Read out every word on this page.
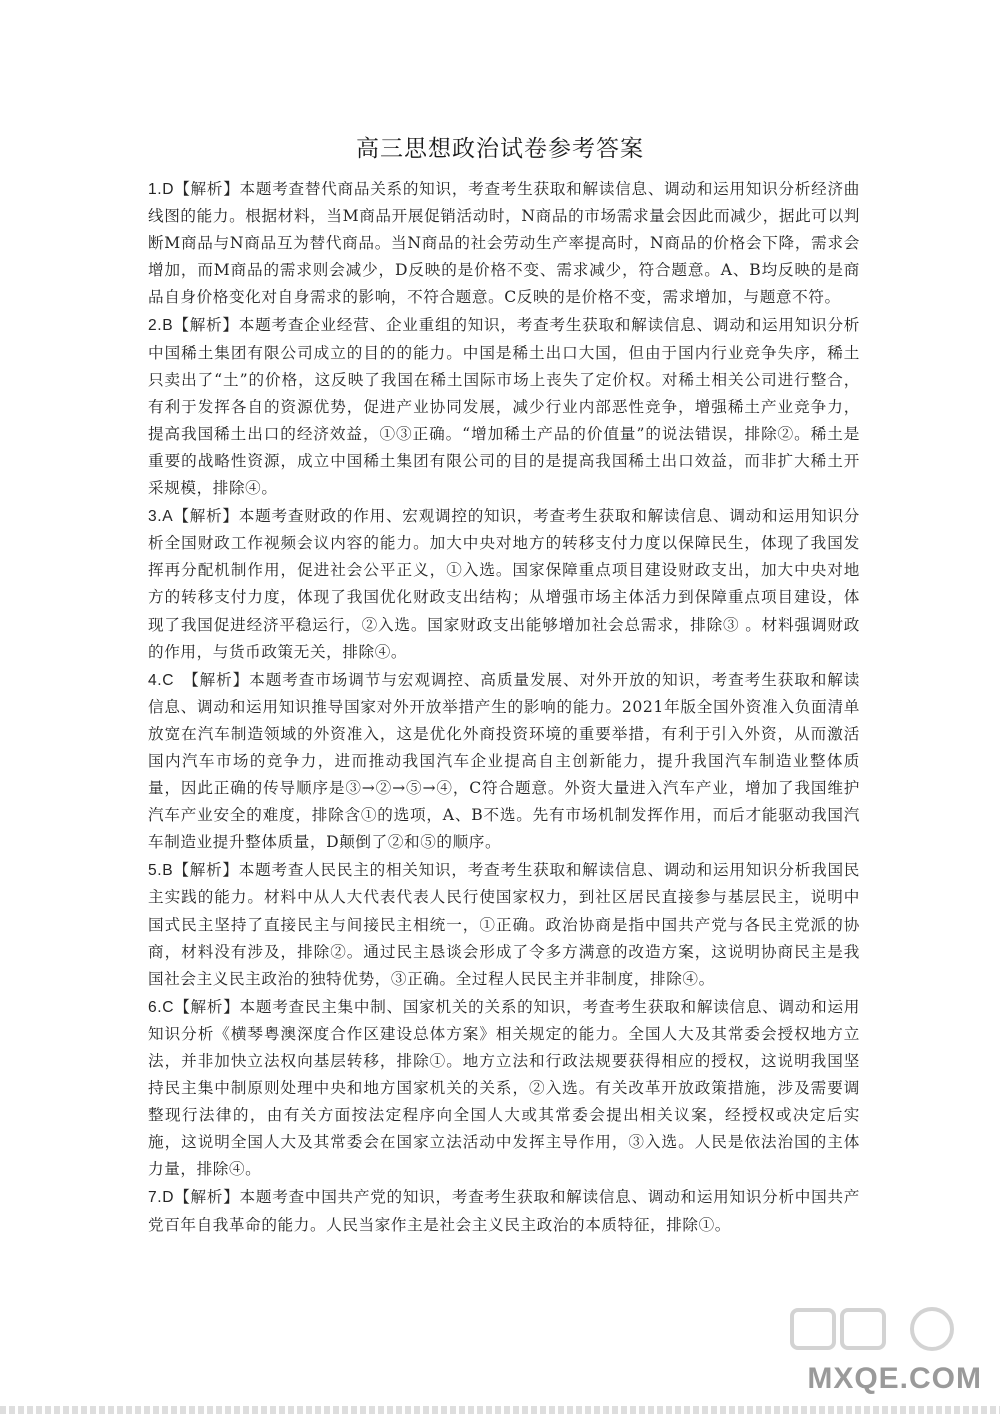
高三思想政治试卷参考答案

1.D【解析】本题考查替代商品关系的知识，考查考生获取和解读信息、调动和运用知识分析经济曲线图的能力。根据材料，当M商品开展促销活动时，N商品的市场需求量会因此而减少，据此可以判断M商品与N商品互为替代商品。当N商品的社会劳动生产率提高时，N商品的价格会下降，需求会增加，而M商品的需求则会减少，D反映的是价格不变、需求减少，符合题意。A、B均反映的是商品自身价格变化对自身需求的影响，不符合题意。C反映的是价格不变，需求增加，与题意不符。

2.B【解析】本题考查企业经营、企业重组的知识，考查考生获取和解读信息、调动和运用知识分析中国稀土集团有限公司成立的目的的能力。中国是稀土出口大国，但由于国内行业竞争失序，稀土只卖出了“土”的价格，这反映了我国在稀土国际市场上丧失了定价权。对稀土相关公司进行整合，有利于发挥各自的资源优势，促进产业协同发展，减少行业内部恶性竞争，增强稀土产业竞争力，提高我国稀土出口的经济效益，①③正确。“增加稀土产品的价值量”的说法错误，排除②。稀土是重要的战略性资源，成立中国稀土集团有限公司的目的是提高我国稀土出口效益，而非扩大稀土开采规模，排除④。

3.A【解析】本题考查财政的作用、宏观调控的知识，考查考生获取和解读信息、调动和运用知识分析全国财政工作视频会议内容的能力。加大中央对地方的转移支付力度以保障民生，体现了我国发挥再分配机制作用，促进社会公平正义，①入选。国家保障重点项目建设财政支出，加大中央对地方的转移支付力度，体现了我国优化财政支出结构；从增强市场主体活力到保障重点项目建设，体现了我国促进经济平稳运行，②入选。国家财政支出能够增加社会总需求，排除③ 。材料强调财政的作用，与货币政策无关，排除④。

4.C　【解析】本题考查市场调节与宏观调控、高质量发展、对外开放的知识，考查考生获取和解读信息、调动和运用知识推导国家对外开放举措产生的影响的能力。2021年版全国外资准入负面清单放宽在汽车制造领域的外资准入，这是优化外商投资环境的重要举措，有利于引入外资，从而激活国内汽车市场的竞争力，进而推动我国汽车企业提高自主创新能力，提升我国汽车制造业整体质量，因此正确的传导顺序是③→②→⑤→④，C符合题意。外资大量进入汽车产业，增加了我国维护汽车产业安全的难度，排除含①的选项，A、B不选。先有市场机制发挥作用，而后才能驱动我国汽车制造业提升整体质量，D颠倒了②和⑤的顺序。

5.B【解析】本题考查人民民主的相关知识，考查考生获取和解读信息、调动和运用知识分析我国民主实践的能力。材料中从人大代表代表人民行使国家权力，到社区居民直接参与基层民主，说明中国式民主坚持了直接民主与间接民主相统一，①正确。政治协商是指中国共产党与各民主党派的协商，材料没有涉及，排除②。通过民主恳谈会形成了令多方满意的改造方案，这说明协商民主是我国社会主义民主政治的独特优势，③正确。全过程人民民主并非制度，排除④。

6.C【解析】本题考查民主集中制、国家机关的关系的知识，考查考生获取和解读信息、调动和运用知识分析《横琴粤澳深度合作区建设总体方案》相关规定的能力。全国人大及其常委会授权地方立法，并非加快立法权向基层转移，排除①。地方立法和行政法规要获得相应的授权，这说明我国坚持民主集中制原则处理中央和地方国家机关的关系，②入选。有关改革开放政策措施，涉及需要调整现行法律的，由有关方面按法定程序向全国人大或其常委会提出相关议案，经授权或决定后实施，这说明全国人大及其常委会在国家立法活动中发挥主导作用，③入选。人民是依法治国的主体力量，排除④。

7.D【解析】本题考查中国共产党的知识，考查考生获取和解读信息、调动和运用知识分析中国共产党百年自我革命的能力。人民当家作主是社会主义民主政治的本质特征，排除①。

MXQE.COM
